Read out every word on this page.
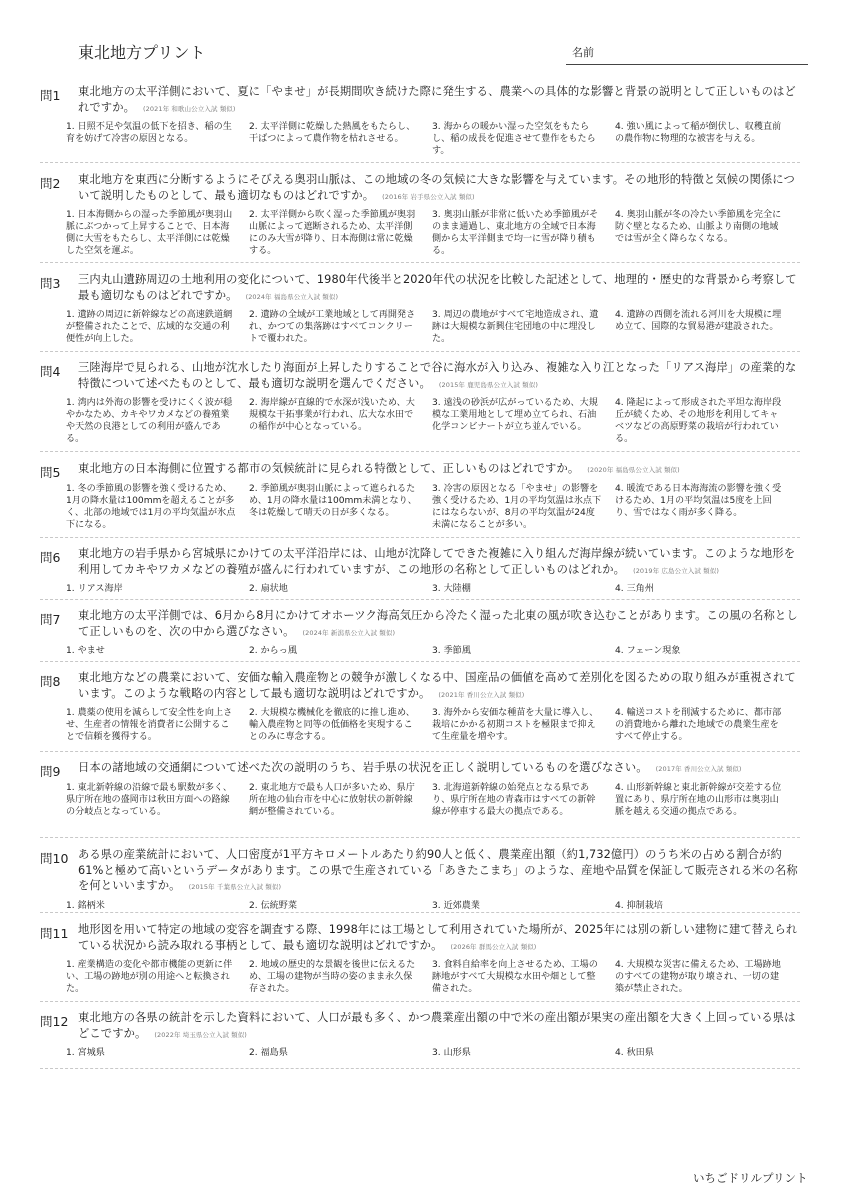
東北地方プリント	名前
問1 東北地方の太平洋側において、夏に「やませ」が長期間吹き続けた際に発生する、農業への具体的な影響と背景の説明として正しいものはどれですか。 (2021年 和歌山公立入試 類似)
1. 日照不足や気温の低下を招き、稲の生育を妨げて冷害の原因となる。
2. 太平洋側に乾燥した熱風をもたらし、干ばつによって農作物を枯れさせる。
3. 海からの暖かい湿った空気をもたらし、稲の成長を促進させて豊作をもたらす。
4. 強い風によって稲が倒伏し、収穫直前の農作物に物理的な被害を与える。
問2 東北地方を東西に分断するようにそびえる奥羽山脈は、この地域の冬の気候に大きな影響を与えています。その地形的特徴と気候の関係について説明したものとして、最も適切なものはどれですか。 (2016年 岩手県公立入試 類似)
1. 日本海側からの湿った季節風が奥羽山脈にぶつかって上昇することで、日本海側に大雪をもたらし、太平洋側には乾燥した空気を運ぶ。
2. 太平洋側から吹く湿った季節風が奥羽山脈によって遮断されるため、太平洋側にのみ大雪が降り、日本海側は常に乾燥する。
3. 奥羽山脈が非常に低いため季節風がそのまま通過し、東北地方の全域で日本海側から太平洋側まで均一に雪が降り積もる。
4. 奥羽山脈が冬の冷たい季節風を完全に防ぐ壁となるため、山脈より南側の地域では雪が全く降らなくなる。
問3 三内丸山遺跡周辺の土地利用の変化について、1980年代後半と2020年代の状況を比較した記述として、地理的・歴史的な背景から考察して最も適切なものはどれですか。 (2024年 福島県公立入試 類似)
1. 遺跡の周辺に新幹線などの高速鉄道網が整備されたことで、広域的な交通の利便性が向上した。
2. 遺跡の全域が工業地域として再開発され、かつての集落跡はすべてコンクリートで覆われた。
3. 周辺の農地がすべて宅地造成され、遺跡は大規模な新興住宅団地の中に埋没した。
4. 遺跡の西側を流れる河川を大規模に埋め立て、国際的な貿易港が建設された。
問4 三陸海岸で見られる、山地が沈水したり海面が上昇したりすることで谷に海水が入り込み、複雑な入り江となった「リアス海岸」の産業的な特徴について述べたものとして、最も適切な説明を選んでください。 (2015年 鹿児島県公立入試 類似)
1. 湾内は外海の影響を受けにくく波が穏やかなため、カキやワカメなどの養殖業や天然の良港としての利用が盛んである。
2. 海岸線が直線的で水深が浅いため、大規模な干拓事業が行われ、広大な水田での稲作が中心となっている。
3. 遠浅の砂浜が広がっているため、大規模な工業用地として埋め立てられ、石油化学コンビナートが立ち並んでいる。
4. 隆起によって形成された平坦な海岸段丘が続くため、その地形を利用してキャベツなどの高原野菜の栽培が行われている。
問5 東北地方の日本海側に位置する都市の気候統計に見られる特徴として、正しいものはどれですか。 (2020年 福島県公立入試 類似)
1. 冬の季節風の影響を強く受けるため、1月の降水量は100mmを超えることが多く、北部の地域では1月の平均気温が氷点下になる。
2. 季節風が奥羽山脈によって遮られるため、1月の降水量は100mm未満となり、冬は乾燥して晴天の日が多くなる。
3. 冷害の原因となる「やませ」の影響を強く受けるため、1月の平均気温は氷点下にはならないが、8月の平均気温が24度未満になることが多い。
4. 暖流である日本海海流の影響を強く受けるため、1月の平均気温は5度を上回り、雪ではなく雨が多く降る。
問6 東北地方の岩手県から宮城県にかけての太平洋沿岸には、山地が沈降してできた複雑に入り組んだ海岸線が続いています。このような地形を利用してカキやワカメなどの養殖が盛んに行われていますが、この地形の名称として正しいものはどれか。 (2019年 広島公立入試 類似)
1. リアス海岸	2. 扇状地	3. 大陸棚	4. 三角州
問7 東北地方の太平洋側では、6月から8月にかけてオホーツク海高気圧から冷たく湿った北東の風が吹き込むことがあります。この風の名称として正しいものを、次の中から選びなさい。 (2024年 新潟県公立入試 類似)
1. やませ	2. からっ風	3. 季節風	4. フェーン現象
問8 東北地方などの農業において、安価な輸入農産物との競争が激しくなる中、国産品の価値を高めて差別化を図るための取り組みが重視されています。このような戦略の内容として最も適切な説明はどれですか。 (2021年 香川公立入試 類似)
1. 農薬の使用を減らして安全性を向上させ、生産者の情報を消費者に公開することで信頼を獲得する。
2. 大規模な機械化を徹底的に推し進め、輸入農産物と同等の低価格を実現することのみに専念する。
3. 海外から安価な種苗を大量に導入し、栽培にかかる初期コストを極限まで抑えて生産量を増やす。
4. 輸送コストを削減するために、都市部の消費地から離れた地域での農業生産をすべて停止する。
問9 日本の諸地域の交通網について述べた次の説明のうち、岩手県の状況を正しく説明しているものを選びなさい。 (2017年 香川公立入試 類似)
1. 東北新幹線の沿線で最も駅数が多く、県庁所在地の盛岡市は秋田方面への路線の分岐点となっている。
2. 東北地方で最も人口が多いため、県庁所在地の仙台市を中心に放射状の新幹線網が整備されている。
3. 北海道新幹線の始発点となる県であり、県庁所在地の青森市はすべての新幹線が停車する最大の拠点である。
4. 山形新幹線と東北新幹線が交差する位置にあり、県庁所在地の山形市は奥羽山脈を越える交通の拠点である。
問10 ある県の産業統計において、人口密度が1平方キロメートルあたり約90人と低く、農業産出額（約1,732億円）のうち米の占める割合が約61%と極めて高いというデータがあります。この県で生産されている「あきたこまち」のような、産地や品質を保証して販売される米の名称を何といいますか。 (2015年 千葉県公立入試 類似)
1. 銘柄米	2. 伝統野菜	3. 近郊農業	4. 抑制栽培
問11 地形図を用いて特定の地域の変容を調査する際、1998年には工場として利用されていた場所が、2025年には別の新しい建物に建て替えられている状況から読み取れる事柄として、最も適切な説明はどれですか。 (2026年 群馬公立入試 類似)
1. 産業構造の変化や都市機能の更新に伴い、工場の跡地が別の用途へと転換された。
2. 地域の歴史的な景観を後世に伝えるため、工場の建物が当時の姿のまま永久保存された。
3. 食料自給率を向上させるため、工場の跡地がすべて大規模な水田や畑として整備された。
4. 大規模な災害に備えるため、工場跡地のすべての建物が取り壊され、一切の建築が禁止された。
問12 東北地方の各県の統計を示した資料において、人口が最も多く、かつ農業産出額の中で米の産出額が果実の産出額を大きく上回っている県はどこですか。 (2022年 埼玉県公立入試 類似)
1. 宮城県	2. 福島県	3. 山形県	4. 秋田県
いちごドリルプリント
